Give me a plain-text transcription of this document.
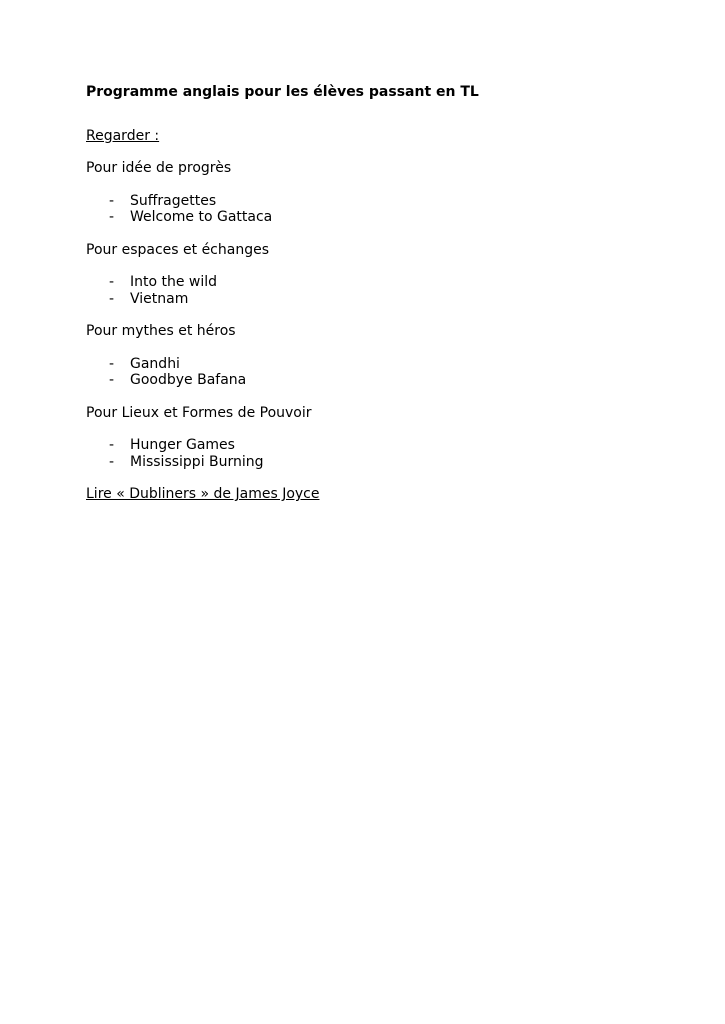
Programme anglais pour les élèves passant en TL
Regarder :
Pour idée de progrès
- Suffragettes
- Welcome to Gattaca
Pour espaces et échanges
- Into the wild
- Vietnam
Pour mythes et héros
- Gandhi
- Goodbye Bafana
Pour Lieux et Formes de Pouvoir
- Hunger Games
- Mississippi Burning
Lire « Dubliners » de James Joyce
